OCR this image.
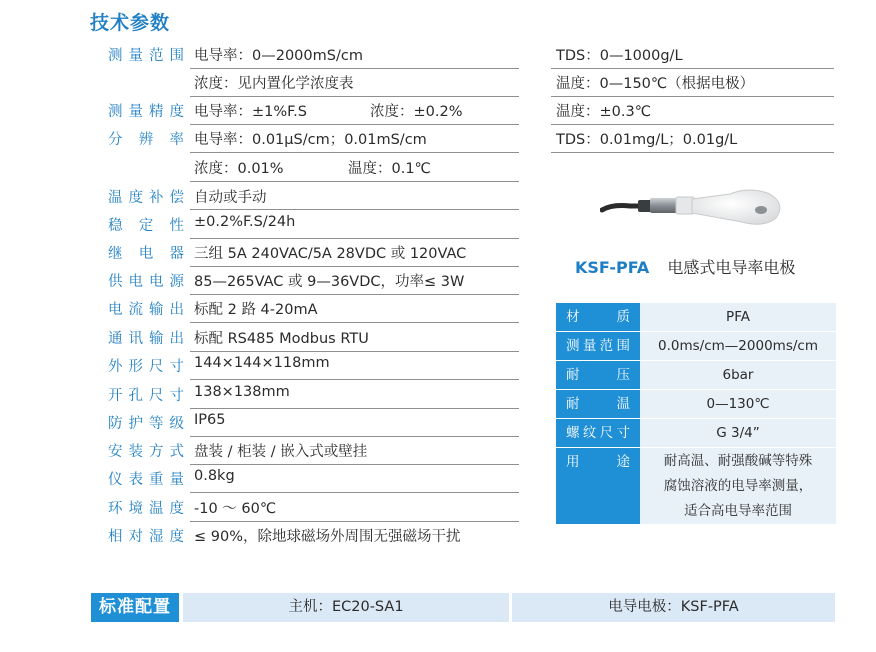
技术参数
测量范围 电导率：0—2000mS/cm	TDS：0—1000g/L
浓度：见内置化学浓度表	温度：0—150℃（根据电极）
测量精度 电导率：±1%F.S	浓度：±0.2%	温度：±0.3℃
分辨率 电导率：0.01μS/cm；0.01mS/cm	TDS：0.01mg/L；0.01g/L
浓度：0.01%	温度：0.1℃
温度补偿 自动或手动
稳定性 ±0.2%F.S/24h
继电器 三组 5A 240VAC/5A 28VDC 或 120VAC
供电电源 85—265VAC 或 9—36VDC，功率≤ 3W
电流输出 标配 2 路 4-20mA
通讯输出 标配 RS485 Modbus RTU
外形尺寸 144×144×118mm
开孔尺寸 138×138mm
防护等级 IP65
安装方式 盘装 / 柜装 / 嵌入式或壁挂
仪表重量 0.8kg
环境温度 -10 ～ 60℃
相对湿度 ≤ 90%，除地球磁场外周围无强磁场干扰
KSF-PFA 电感式电导率电极
材质	PFA
测量范围	0.0ms/cm—2000ms/cm
耐压	6bar
耐温	0—130℃
螺纹尺寸	G 3/4”
用途	耐高温、耐强酸碱等特殊
腐蚀溶液的电导率测量，
适合高电导率范围
标准配置	主机：EC20-SA1	电导电极：KSF-PFA
